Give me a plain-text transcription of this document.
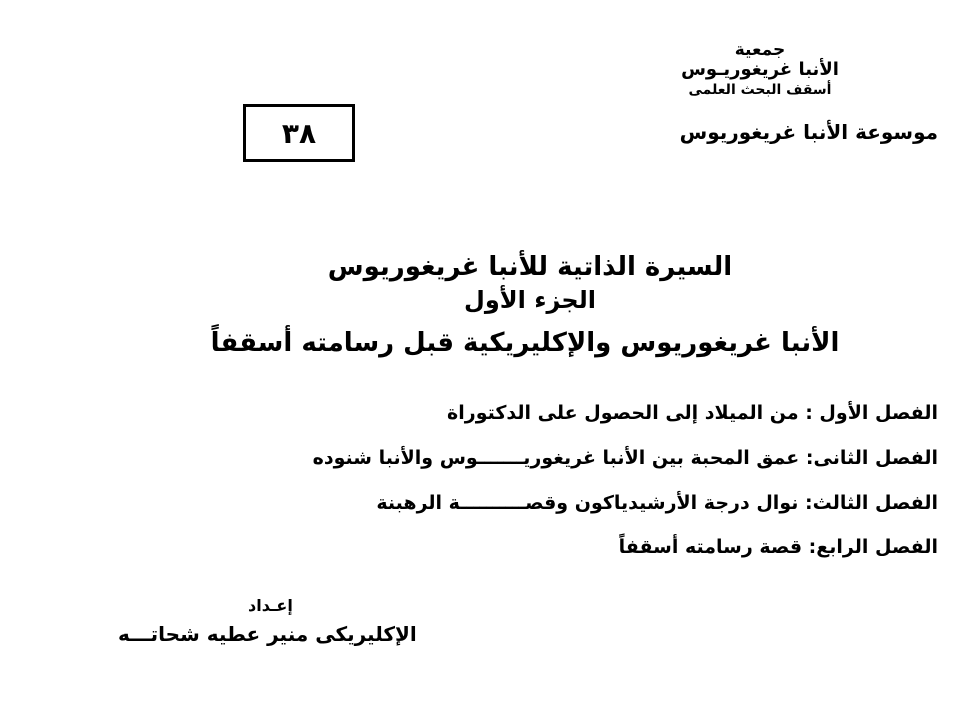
جمعية
الأنبا غريغوريـوس
أسقف البحث العلمى
موسوعة الأنبا غريغوريوس
٣٨
السيرة الذاتية للأنبا غريغوريوس
الجزء الأول
الأنبا غريغوريوس والإكليريكية قبل رسامته أسقفاً
الفصل الأول : من الميلاد إلى الحصول على الدكتوراة
الفصل الثانى: عمق المحبة بين الأنبا غريغوريـــــــوس والأنبا شنوده
الفصل الثالث: نوال درجة الأرشيدياكون وقصــــــــــة الرهبنة
الفصل الرابع: قصة رسامته أسقفاً
إعـداد
الإكليريكى منير عطيه شحاتـــه
